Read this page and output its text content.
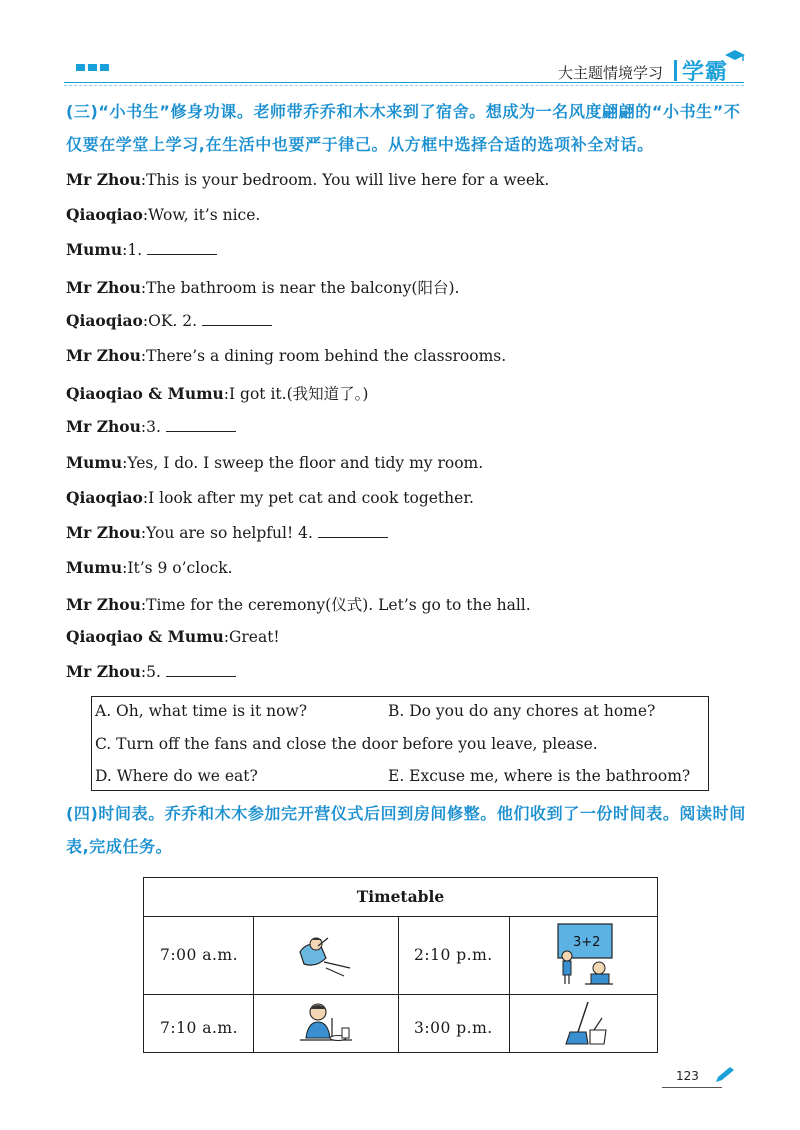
大主题情境学习 学霸
(三)“小书生”修身功课。老师带乔乔和木木来到了宿舍。想成为一名风度翩翩的“小书生”不仅要在学堂上学习,在生活中也要严于律己。从方框中选择合适的选项补全对话。
Mr Zhou:This is your bedroom. You will live here for a week.
Qiaoqiao:Wow, it’s nice.
Mumu:1.
Mr Zhou:The bathroom is near the balcony(阳台).
Qiaoqiao:OK. 2.
Mr Zhou:There’s a dining room behind the classrooms.
Qiaoqiao & Mumu:I got it.(我知道了。)
Mr Zhou:3.
Mumu:Yes, I do. I sweep the floor and tidy my room.
Qiaoqiao:I look after my pet cat and cook together.
Mr Zhou:You are so helpful! 4.
Mumu:It’s 9 o’clock.
Mr Zhou:Time for the ceremony(仪式). Let’s go to the hall.
Qiaoqiao & Mumu:Great!
Mr Zhou:5.
A. Oh, what time is it now?	B. Do you do any chores at home?
C. Turn off the fans and close the door before you leave, please.
D. Where do we eat?	E. Excuse me, where is the bathroom?
(四)时间表。乔乔和木木参加完开营仪式后回到房间修整。他们收到了一份时间表。阅读时间表,完成任务。
Timetable
7:00 a.m.	2:10 p.m.
7:10 a.m.	3:00 p.m.
3+2
123
